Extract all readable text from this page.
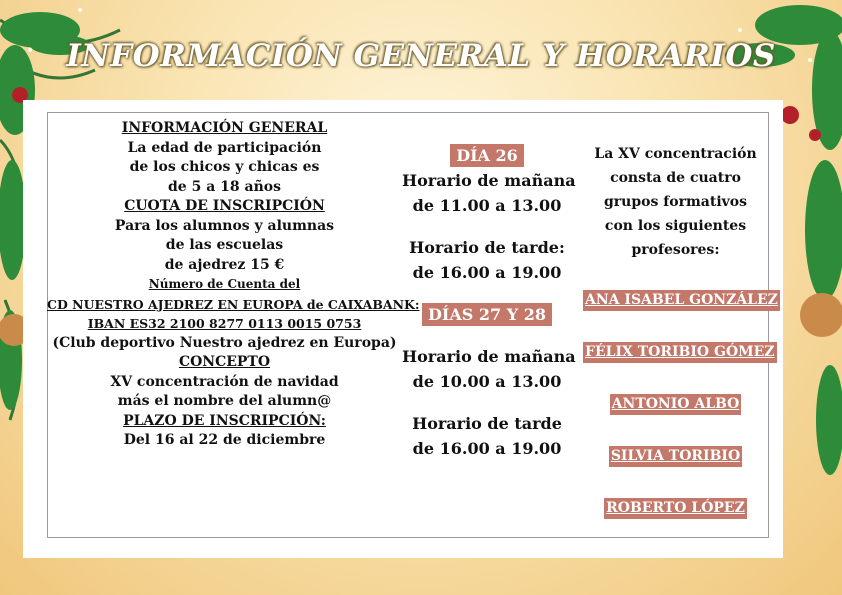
INFORMACIÓN GENERAL Y HORARIOS
INFORMACIÓN GENERAL
La edad de participación
de los chicos y chicas es
de 5 a 18 años
CUOTA DE INSCRIPCIÓN
Para los alumnos y alumnas
de las escuelas
de ajedrez 15 €
Número de Cuenta del
CD NUESTRO AJEDREZ EN EUROPA de CAIXABANK:
IBAN ES32 2100 8277 0113 0015 0753
(Club deportivo Nuestro ajedrez en Europa)
CONCEPTO
XV concentración de navidad
más el nombre del alumn@
PLAZO DE INSCRIPCIÓN:
Del 16 al 22 de diciembre
DÍA 26
Horario de mañana
de 11.00 a 13.00
Horario de tarde:
de 16.00 a 19.00
DÍAS 27 Y 28
Horario de mañana
de 10.00 a 13.00
Horario de tarde
de 16.00 a 19.00
La XV concentración
consta de cuatro
grupos formativos
con los siguientes
profesores:
ANA ISABEL GONZÁLEZ
FÉLIX TORIBIO GÓMEZ
ANTONIO ALBO
SILVIA TORIBIO
ROBERTO LÓPEZ
